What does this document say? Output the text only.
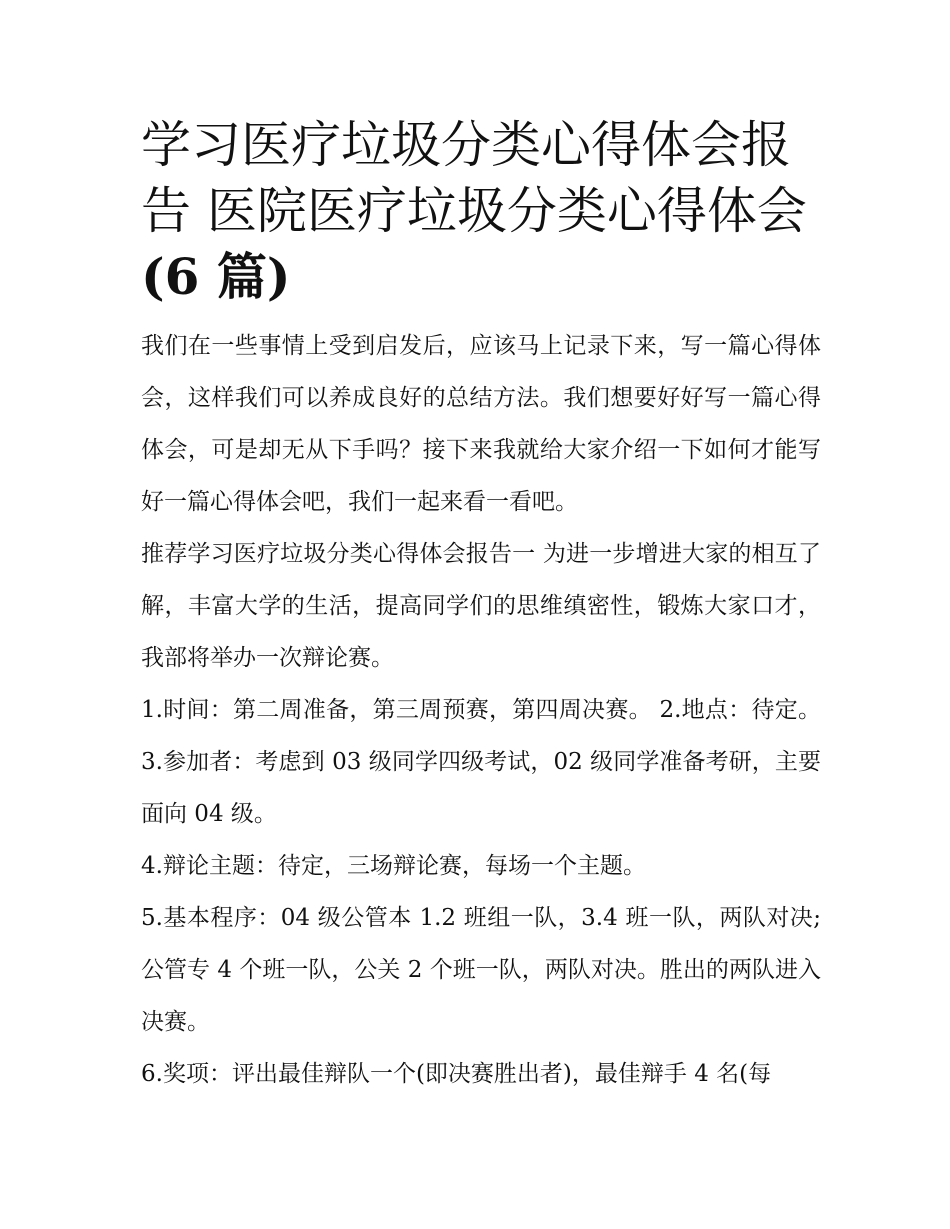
学习医疗垃圾分类心得体会报
告 医院医疗垃圾分类心得体会
(6 篇)

我们在一些事情上受到启发后，应该马上记录下来，写一篇心得体会，这样我们可以养成良好的总结方法。我们想要好好写一篇心得体会，可是却无从下手吗？接下来我就给大家介绍一下如何才能写好一篇心得体会吧，我们一起来看一看吧。

推荐学习医疗垃圾分类心得体会报告一 为进一步增进大家的相互了解，丰富大学的生活，提高同学们的思维缜密性，锻炼大家口才，我部将举办一次辩论赛。

1.时间：第二周准备，第三周预赛，第四周决赛。 2.地点：待定。 3.参加者：考虑到 03 级同学四级考试，02 级同学准备考研，主要面向 04 级。

4.辩论主题：待定，三场辩论赛，每场一个主题。

5.基本程序：04 级公管本 1.2 班组一队，3.4 班一队，两队对决;公管专 4 个班一队，公关 2 个班一队，两队对决。胜出的两队进入决赛。

6.奖项：评出最佳辩队一个(即决赛胜出者)，最佳辩手 4 名(每
